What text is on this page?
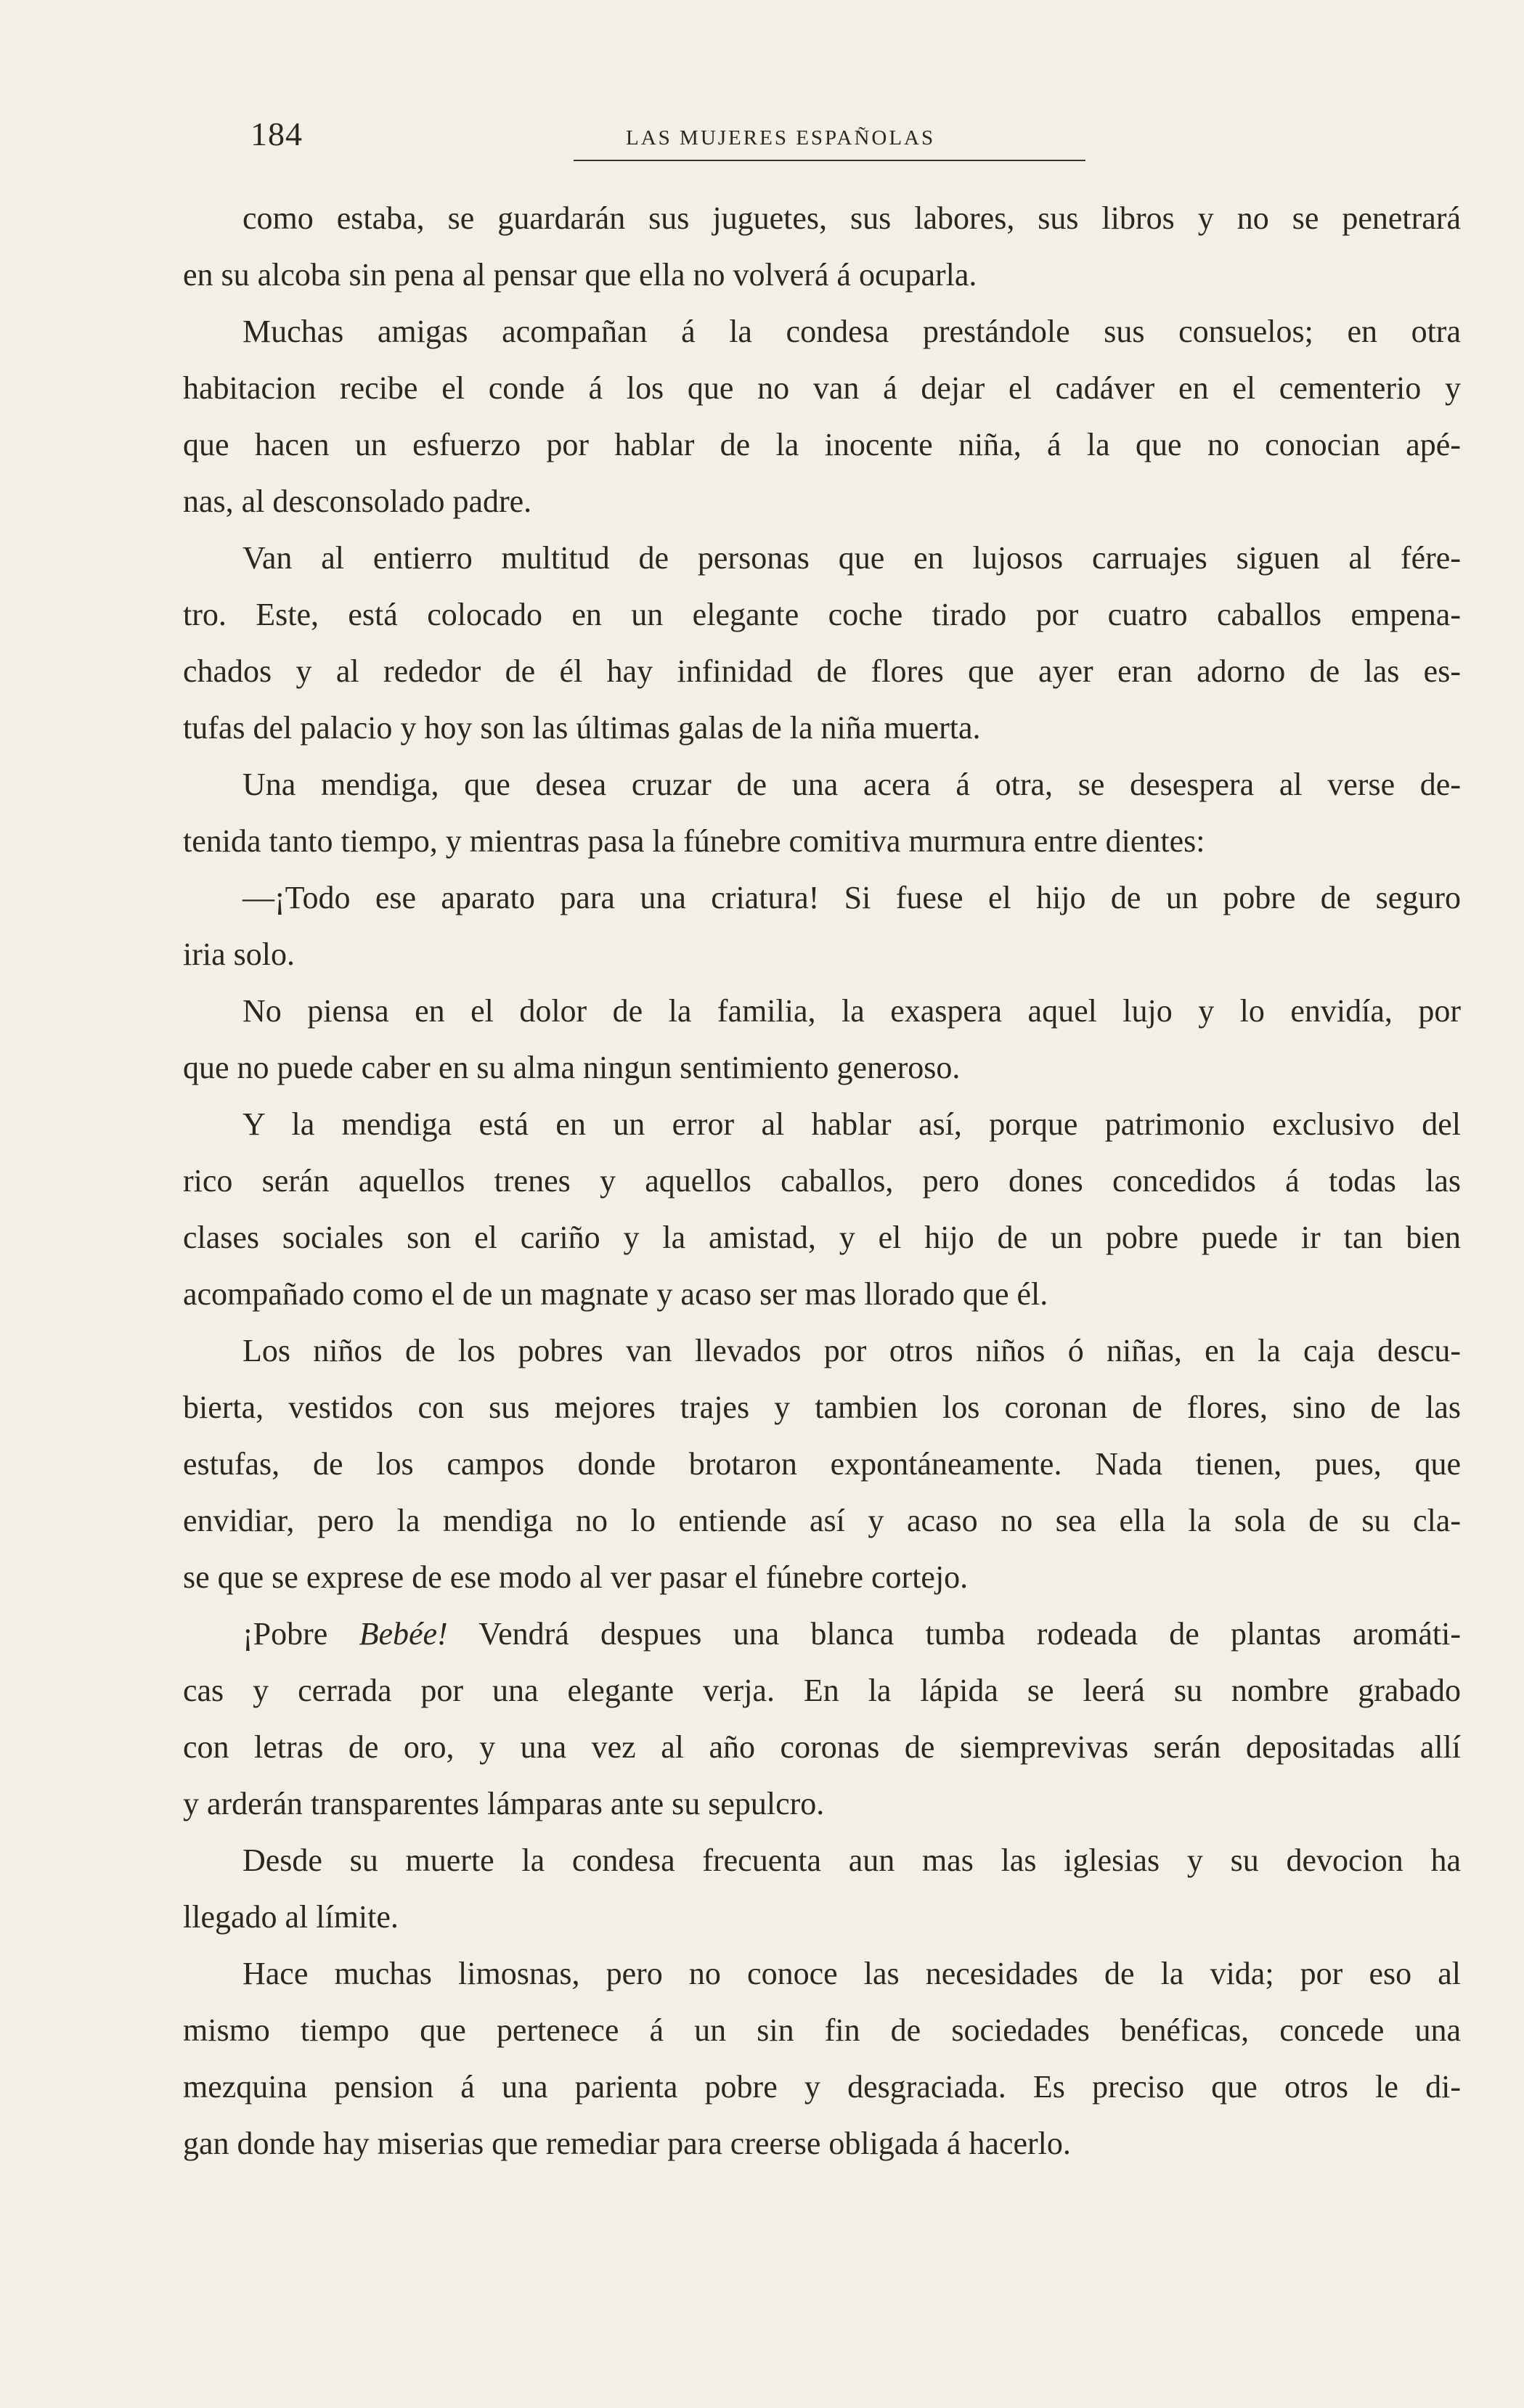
184	LAS MUJERES ESPAÑOLAS
como estaba, se guardarán sus juguetes, sus labores, sus libros y no se penetrará
en su alcoba sin pena al pensar que ella no volverá á ocuparla.
Muchas amigas acompañan á la condesa prestándole sus consuelos; en otra
habitacion recibe el conde á los que no van á dejar el cadáver en el cementerio y
que hacen un esfuerzo por hablar de la inocente niña, á la que no conocian apé-
nas, al desconsolado padre.
Van al entierro multitud de personas que en lujosos carruajes siguen al fére-
tro. Este, está colocado en un elegante coche tirado por cuatro caballos empena-
chados y al rededor de él hay infinidad de flores que ayer eran adorno de las es-
tufas del palacio y hoy son las últimas galas de la niña muerta.
Una mendiga, que desea cruzar de una acera á otra, se desespera al verse de-
tenida tanto tiempo, y mientras pasa la fúnebre comitiva murmura entre dientes:
—¡Todo ese aparato para una criatura! Si fuese el hijo de un pobre de seguro
iria solo.
No piensa en el dolor de la familia, la exaspera aquel lujo y lo envidía, por
que no puede caber en su alma ningun sentimiento generoso.
Y la mendiga está en un error al hablar así, porque patrimonio exclusivo del
rico serán aquellos trenes y aquellos caballos, pero dones concedidos á todas las
clases sociales son el cariño y la amistad, y el hijo de un pobre puede ir tan bien
acompañado como el de un magnate y acaso ser mas llorado que él.
Los niños de los pobres van llevados por otros niños ó niñas, en la caja descu-
bierta, vestidos con sus mejores trajes y tambien los coronan de flores, sino de las
estufas, de los campos donde brotaron expontáneamente. Nada tienen, pues, que
envidiar, pero la mendiga no lo entiende así y acaso no sea ella la sola de su cla-
se que se exprese de ese modo al ver pasar el fúnebre cortejo.
¡Pobre Bebée! Vendrá despues una blanca tumba rodeada de plantas aromáti-
cas y cerrada por una elegante verja. En la lápida se leerá su nombre grabado
con letras de oro, y una vez al año coronas de siemprevivas serán depositadas allí
y arderán transparentes lámparas ante su sepulcro.
Desde su muerte la condesa frecuenta aun mas las iglesias y su devocion ha
llegado al límite.
Hace muchas limosnas, pero no conoce las necesidades de la vida; por eso al
mismo tiempo que pertenece á un sin fin de sociedades benéficas, concede una
mezquina pension á una parienta pobre y desgraciada. Es preciso que otros le di-
gan donde hay miserias que remediar para creerse obligada á hacerlo.
